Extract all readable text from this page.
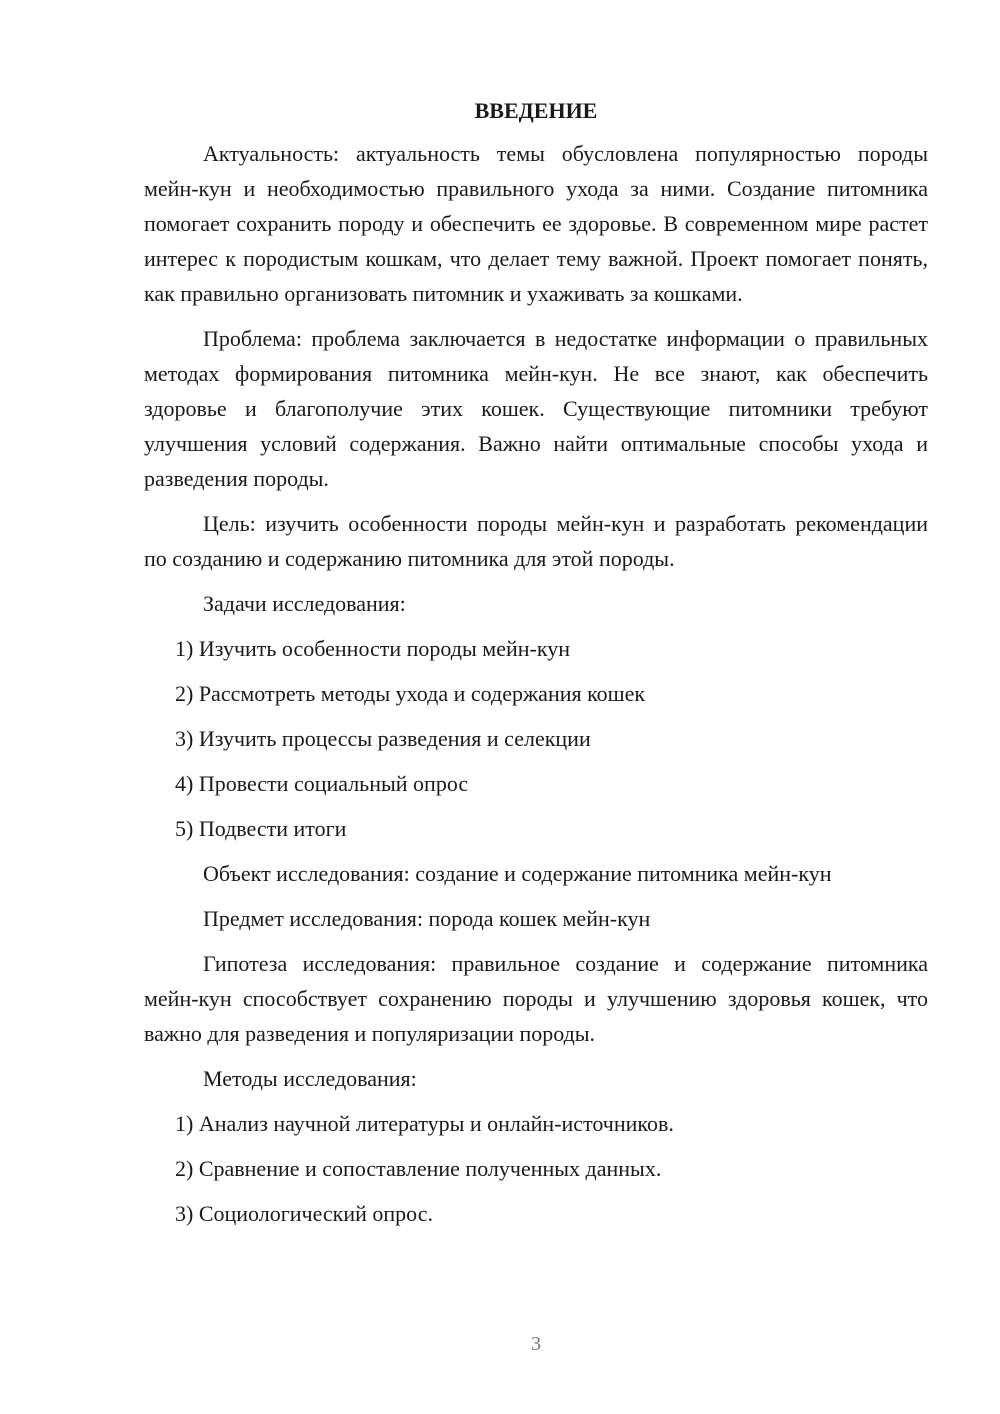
ВВЕДЕНИЕ

Актуальность: актуальность темы обусловлена популярностью породы мейн-кун и необходимостью правильного ухода за ними. Создание питомника помогает сохранить породу и обеспечить ее здоровье. В современном мире растет интерес к породистым кошкам, что делает тему важной. Проект помогает понять, как правильно организовать питомник и ухаживать за кошками.

Проблема: проблема заключается в недостатке информации о правильных методах формирования питомника мейн-кун. Не все знают, как обеспечить здоровье и благополучие этих кошек. Существующие питомники требуют улучшения условий содержания. Важно найти оптимальные способы ухода и разведения породы.

Цель: изучить особенности породы мейн-кун и разработать рекомендации по созданию и содержанию питомника для этой породы.

Задачи исследования:
1) Изучить особенности породы мейн-кун
2) Рассмотреть методы ухода и содержания кошек
3) Изучить процессы разведения и селекции
4) Провести социальный опрос
5) Подвести итоги
Объект исследования: создание и содержание питомника мейн-кун
Предмет исследования: порода кошек мейн-кун

Гипотеза исследования: правильное создание и содержание питомника мейн-кун способствует сохранению породы и улучшению здоровья кошек, что важно для разведения и популяризации породы.

Методы исследования:
1) Анализ научной литературы и онлайн-источников.
2) Сравнение и сопоставление полученных данных.
3) Социологический опрос.
3
